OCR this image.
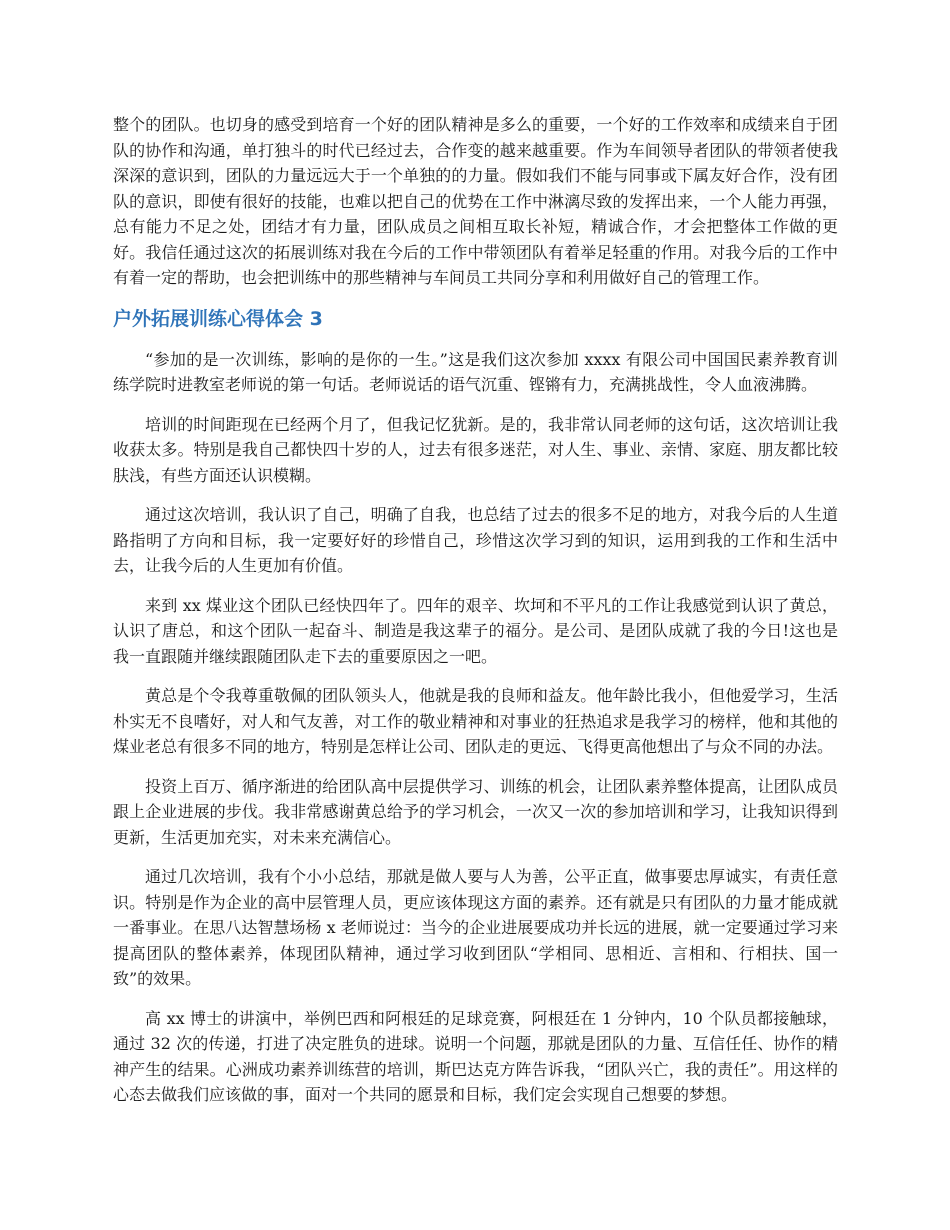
整个的团队。也切身的感受到培育一个好的团队精神是多么的重要，一个好的工作效率和成绩来自于团队的协作和沟通，单打独斗的时代已经过去，合作变的越来越重要。作为车间领导者团队的带领者使我深深的意识到，团队的力量远远大于一个单独的的力量。假如我们不能与同事或下属友好合作，没有团队的意识，即使有很好的技能，也难以把自己的优势在工作中淋漓尽致的发挥出来，一个人能力再强，总有能力不足之处，团结才有力量，团队成员之间相互取长补短，精诚合作，才会把整体工作做的更好。我信任通过这次的拓展训练对我在今后的工作中带领团队有着举足轻重的作用。对我今后的工作中有着一定的帮助，也会把训练中的那些精神与车间员工共同分享和利用做好自己的管理工作。

户外拓展训练心得体会 3

“参加的是一次训练，影响的是你的一生。”这是我们这次参加 xxxx 有限公司中国国民素养教育训练学院时进教室老师说的第一句话。老师说话的语气沉重、铿锵有力，充满挑战性，令人血液沸腾。

培训的时间距现在已经两个月了，但我记忆犹新。是的，我非常认同老师的这句话，这次培训让我收获太多。特别是我自己都快四十岁的人，过去有很多迷茫，对人生、事业、亲情、家庭、朋友都比较肤浅，有些方面还认识模糊。

通过这次培训，我认识了自己，明确了自我，也总结了过去的很多不足的地方，对我今后的人生道路指明了方向和目标，我一定要好好的珍惜自己，珍惜这次学习到的知识，运用到我的工作和生活中去，让我今后的人生更加有价值。

来到 xx 煤业这个团队已经快四年了。四年的艰辛、坎坷和不平凡的工作让我感觉到认识了黄总，认识了唐总，和这个团队一起奋斗、制造是我这辈子的福分。是公司、是团队成就了我的今日!这也是我一直跟随并继续跟随团队走下去的重要原因之一吧。

黄总是个令我尊重敬佩的团队领头人，他就是我的良师和益友。他年龄比我小，但他爱学习，生活朴实无不良嗜好，对人和气友善，对工作的敬业精神和对事业的狂热追求是我学习的榜样，他和其他的煤业老总有很多不同的地方，特别是怎样让公司、团队走的更远、飞得更高他想出了与众不同的办法。

投资上百万、循序渐进的给团队高中层提供学习、训练的机会，让团队素养整体提高，让团队成员跟上企业进展的步伐。我非常感谢黄总给予的学习机会，一次又一次的参加培训和学习，让我知识得到更新，生活更加充实，对未来充满信心。

通过几次培训，我有个小小总结，那就是做人要与人为善，公平正直，做事要忠厚诚实，有责任意识。特别是作为企业的高中层管理人员，更应该体现这方面的素养。还有就是只有团队的力量才能成就一番事业。在思八达智慧场杨 x 老师说过：当今的企业进展要成功并长远的进展，就一定要通过学习来提高团队的整体素养，体现团队精神，通过学习收到团队“学相同、思相近、言相和、行相扶、国一致”的效果。

高 xx 博士的讲演中，举例巴西和阿根廷的足球竞赛，阿根廷在 1 分钟内，10 个队员都接触球，通过 32 次的传递，打进了决定胜负的进球。说明一个问题，那就是团队的力量、互信任任、协作的精神产生的结果。心洲成功素养训练营的培训，斯巴达克方阵告诉我，“团队兴亡，我的责任”。用这样的心态去做我们应该做的事，面对一个共同的愿景和目标，我们定会实现自己想要的梦想。
